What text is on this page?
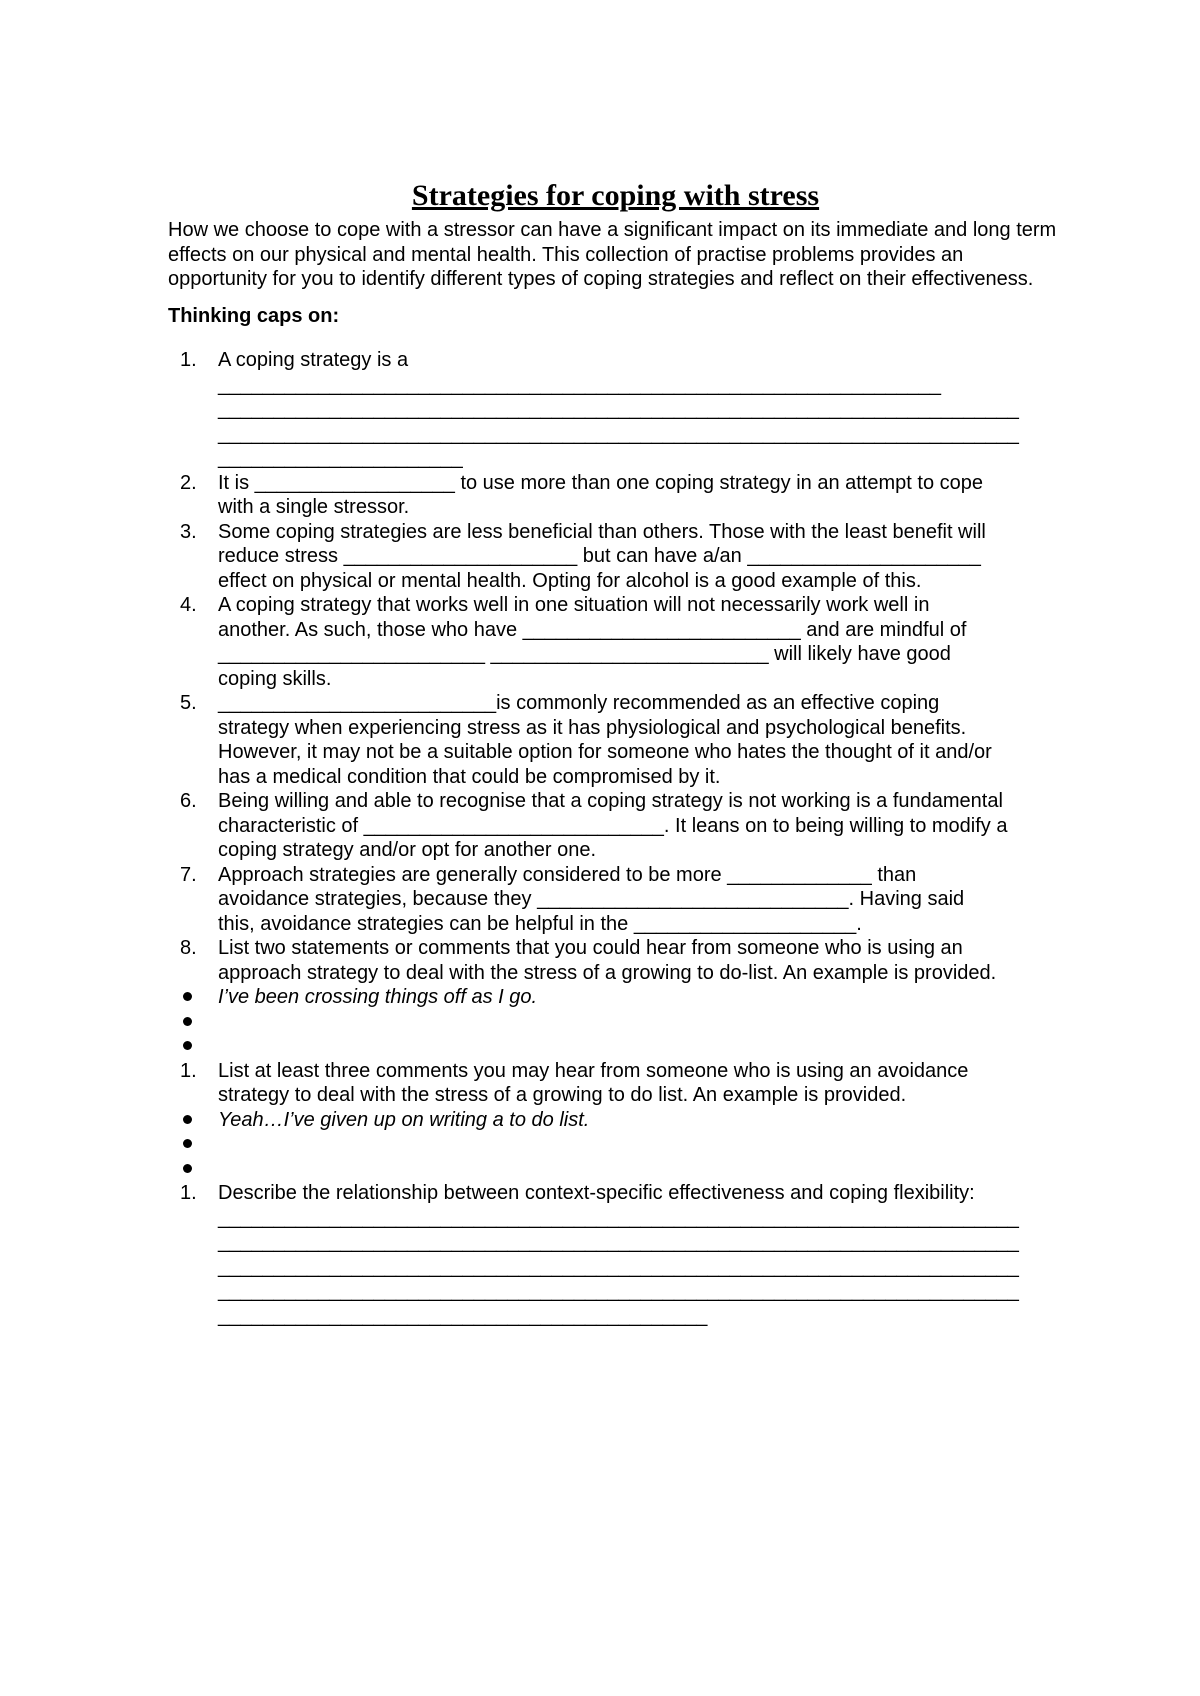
Strategies for coping with stress

How we choose to cope with a stressor can have a significant impact on its immediate and long term effects on our physical and mental health. This collection of practise problems provides an opportunity for you to identify different types of coping strategies and reflect on their effectiveness.

Thinking caps on:

1. A coping strategy is a
_________________________________________________________________
________________________________________________________________________
________________________________________________________________________
______________________
2. It is __________________ to use more than one coping strategy in an attempt to cope
with a single stressor.
3. Some coping strategies are less beneficial than others. Those with the least benefit will
reduce stress _____________________ but can have a/an _____________________
effect on physical or mental health. Opting for alcohol is a good example of this.
4. A coping strategy that works well in one situation will not necessarily work well in
another. As such, those who have _________________________ and are mindful of
________________________ _________________________ will likely have good
coping skills.
5. _________________________is commonly recommended as an effective coping
strategy when experiencing stress as it has physiological and psychological benefits.
However, it may not be a suitable option for someone who hates the thought of it and/or
has a medical condition that could be compromised by it.
6. Being willing and able to recognise that a coping strategy is not working is a fundamental
characteristic of ___________________________. It leans on to being willing to modify a
coping strategy and/or opt for another one.
7. Approach strategies are generally considered to be more _____________ than
avoidance strategies, because they ____________________________. Having said
this, avoidance strategies can be helpful in the ____________________.
8. List two statements or comments that you could hear from someone who is using an
approach strategy to deal with the stress of a growing to do-list. An example is provided.
I’ve been crossing things off as I go.

1. List at least three comments you may hear from someone who is using an avoidance
strategy to deal with the stress of a growing to do list. An example is provided.
Yeah…I’ve given up on writing a to do list.

1. Describe the relationship between context-specific effectiveness and coping flexibility:
________________________________________________________________________
________________________________________________________________________
________________________________________________________________________
________________________________________________________________________
____________________________________________
